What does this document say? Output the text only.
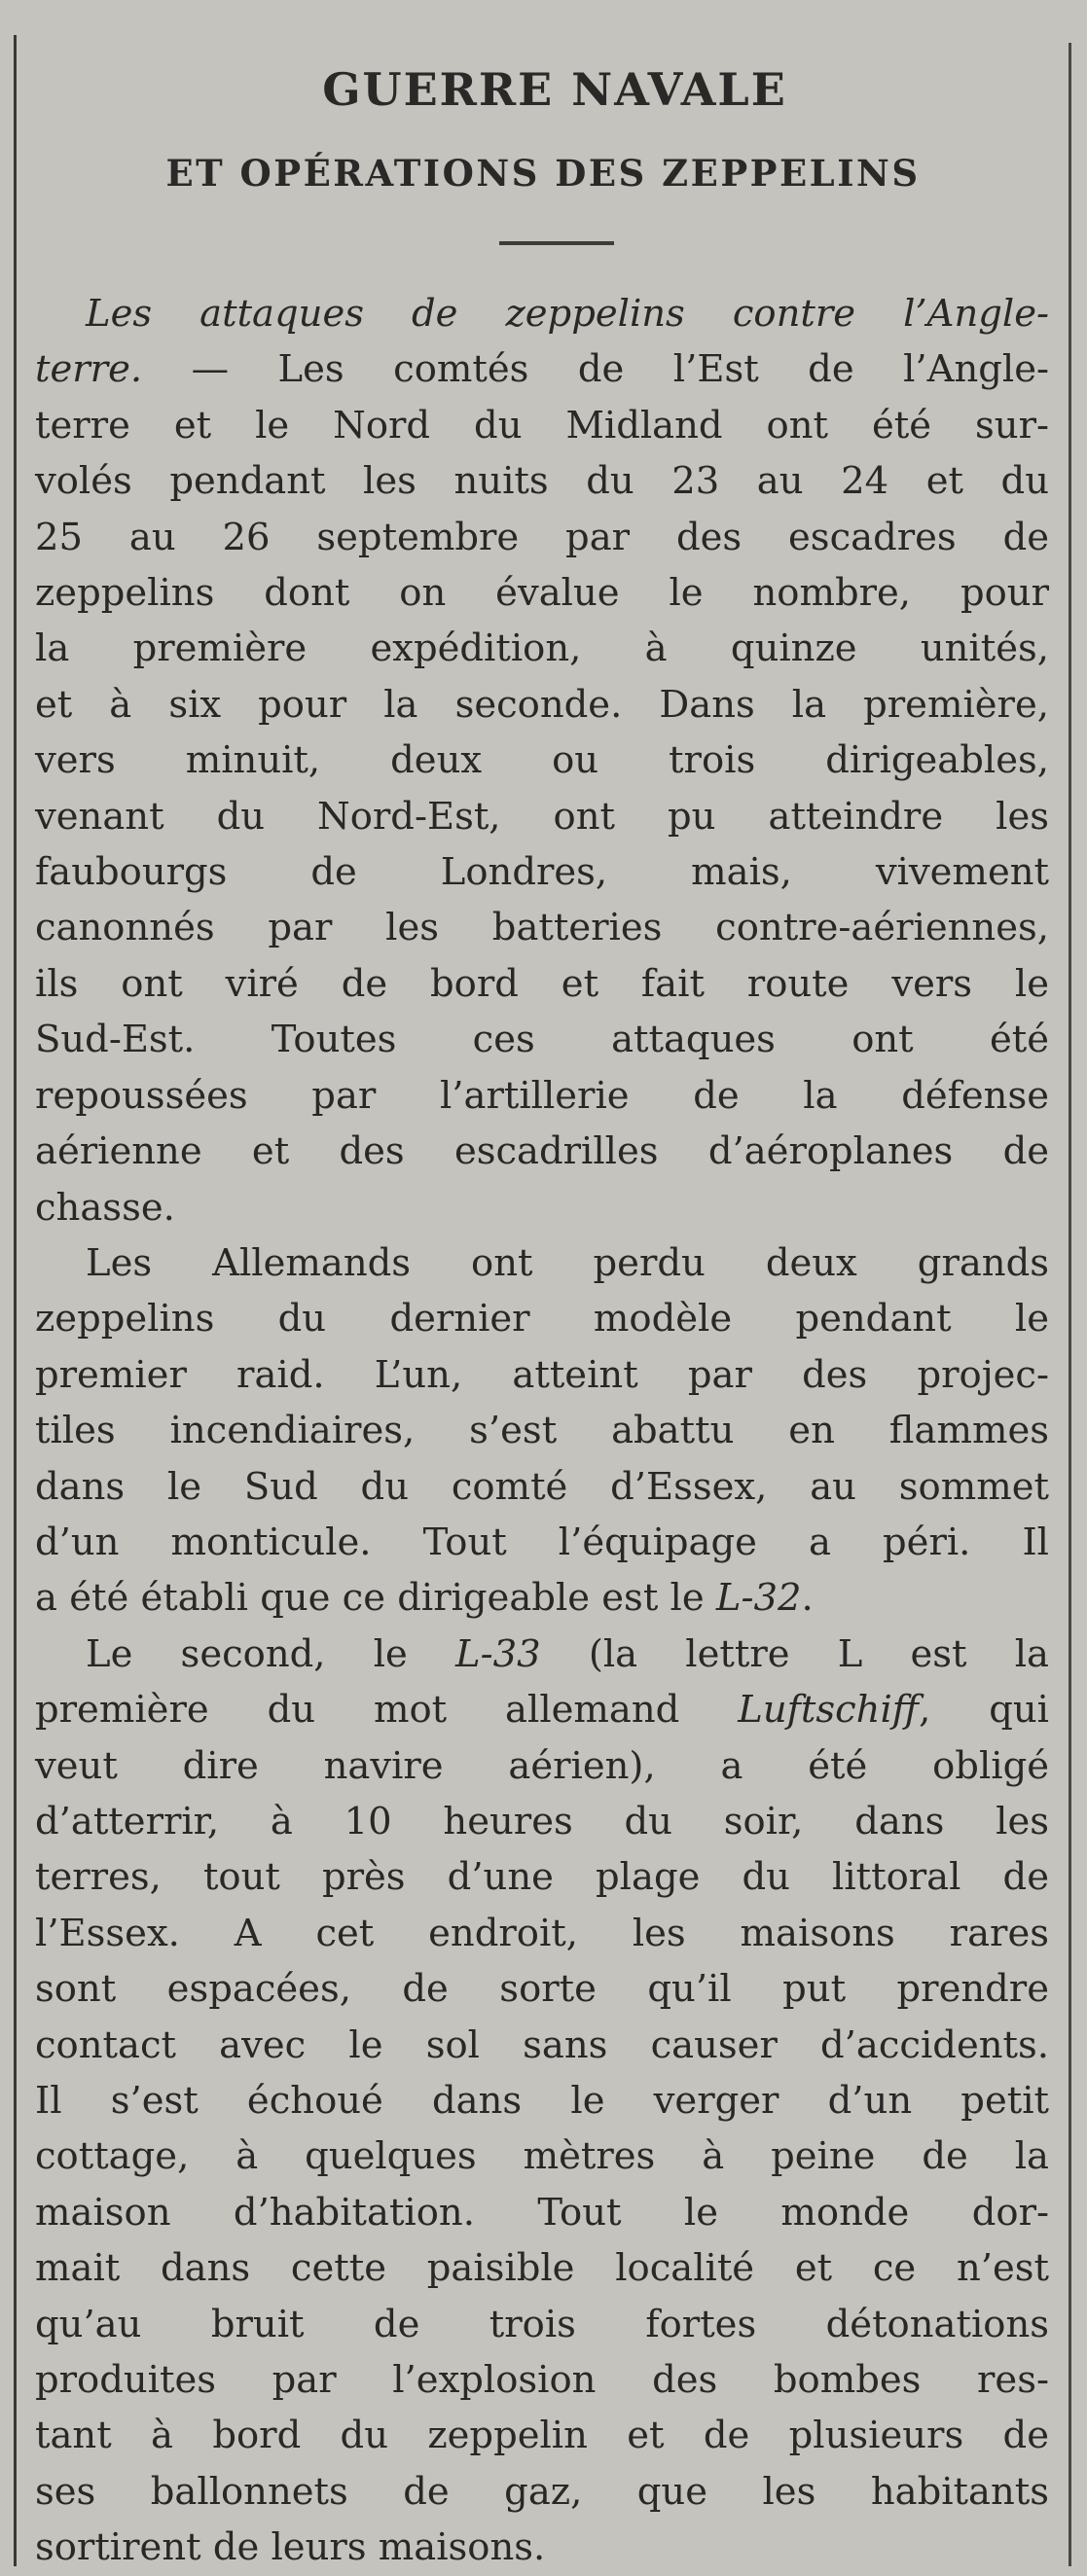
GUERRE NAVALE
ET OPÉRATIONS DES ZEPPELINS
Les attaques de zeppelins contre l’Angle-
terre. — Les comtés de l’Est de l’Angle-
terre et le Nord du Midland ont été sur-
volés pendant les nuits du 23 au 24 et du
25 au 26 septembre par des escadres de
zeppelins dont on évalue le nombre, pour
la première expédition, à quinze unités,
et à six pour la seconde. Dans la première,
vers minuit, deux ou trois dirigeables,
venant du Nord-Est, ont pu atteindre les
faubourgs de Londres, mais, vivement
canonnés par les batteries contre-aériennes,
ils ont viré de bord et fait route vers le
Sud-Est. Toutes ces attaques ont été
repoussées par l’artillerie de la défense
aérienne et des escadrilles d’aéroplanes de
chasse.
Les Allemands ont perdu deux grands
zeppelins du dernier modèle pendant le
premier raid. L’un, atteint par des projec-
tiles incendiaires, s’est abattu en flammes
dans le Sud du comté d’Essex, au sommet
d’un monticule. Tout l’équipage a péri. Il
a été établi que ce dirigeable est le L-32.
Le second, le L-33 (la lettre L est la
première du mot allemand Luftschiff, qui
veut dire navire aérien), a été obligé
d’atterrir, à 10 heures du soir, dans les
terres, tout près d’une plage du littoral de
l’Essex. A cet endroit, les maisons rares
sont espacées, de sorte qu’il put prendre
contact avec le sol sans causer d’accidents.
Il s’est échoué dans le verger d’un petit
cottage, à quelques mètres à peine de la
maison d’habitation. Tout le monde dor-
mait dans cette paisible localité et ce n’est
qu’au bruit de trois fortes détonations
produites par l’explosion des bombes res-
tant à bord du zeppelin et de plusieurs de
ses ballonnets de gaz, que les habitants
sortirent de leurs maisons.
